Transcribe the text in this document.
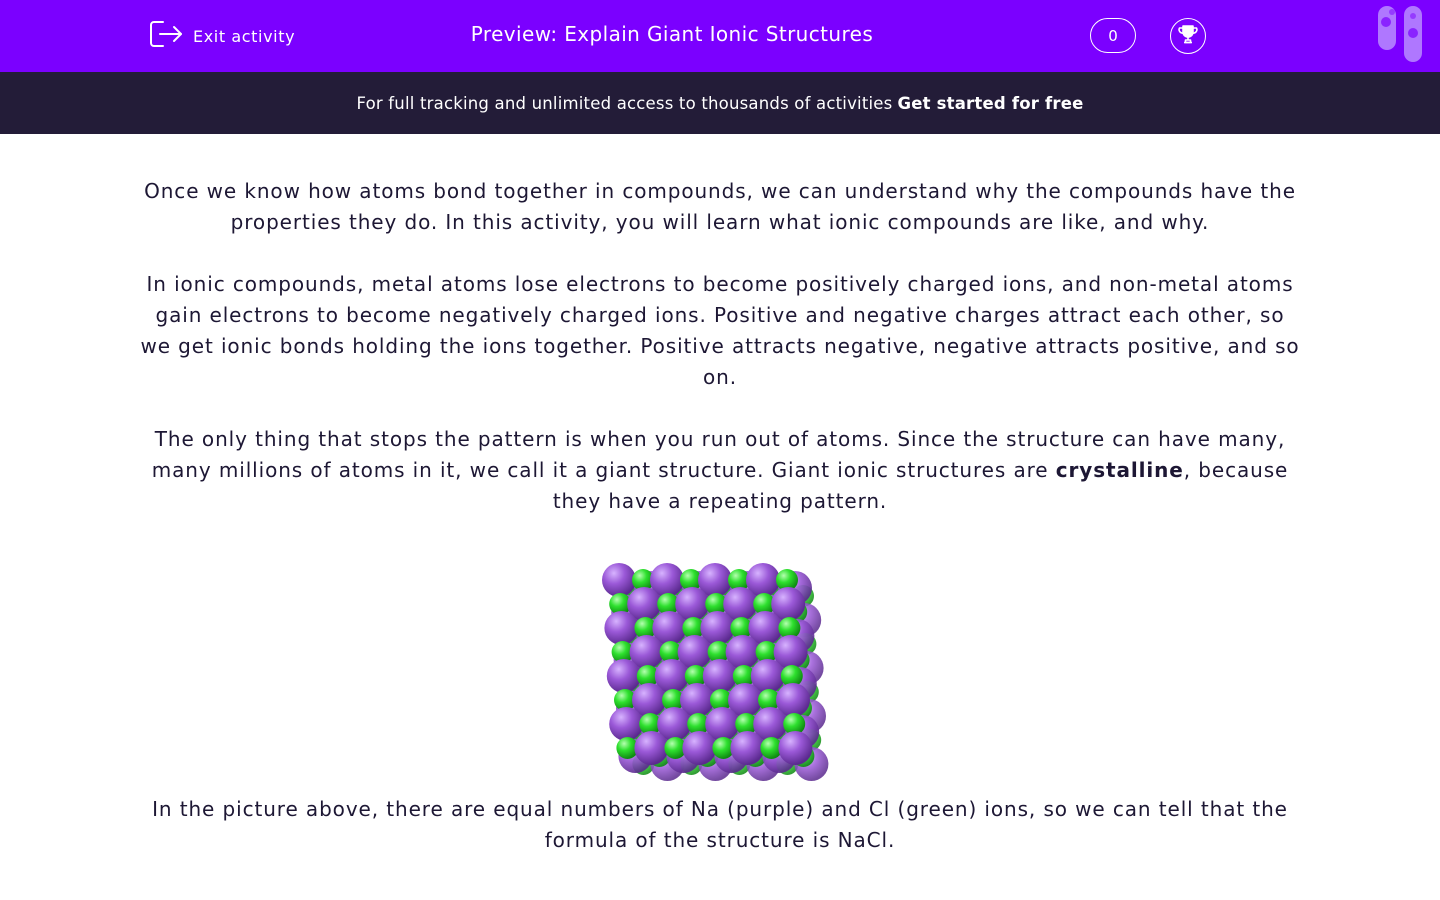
Exit activity	Preview: Explain Giant Ionic Structures	0
For full tracking and unlimited access to thousands of activities Get started for free

Once we know how atoms bond together in compounds, we can understand why the compounds have the properties they do. In this activity, you will learn what ionic compounds are like, and why.

In ionic compounds, metal atoms lose electrons to become positively charged ions, and non-metal atoms gain electrons to become negatively charged ions. Positive and negative charges attract each other, so we get ionic bonds holding the ions together. Positive attracts negative, negative attracts positive, and so on.

The only thing that stops the pattern is when you run out of atoms. Since the structure can have many, many millions of atoms in it, we call it a giant structure. Giant ionic structures are crystalline, because they have a repeating pattern.

In the picture above, there are equal numbers of Na (purple) and Cl (green) ions, so we can tell that the formula of the structure is NaCl.
